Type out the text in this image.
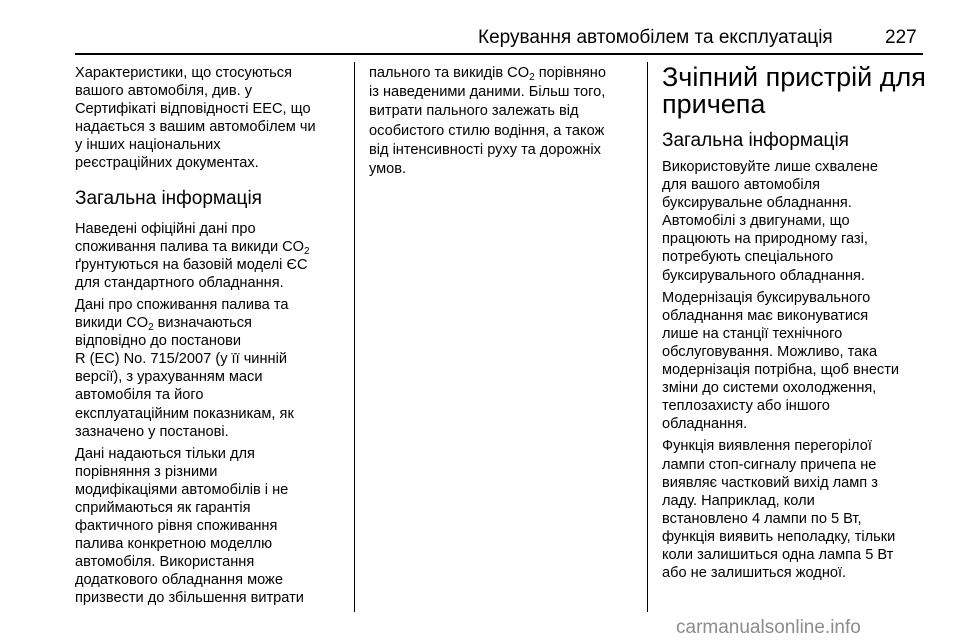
Керування автомобілем та експлуатація	227

Характеристики, що стосуються
вашого автомобіля, див. у
Сертифікаті відповідності ЕЕС, що
надається з вашим автомобілем чи
у інших національних
реєстраційних документах.

Загальна інформація

Наведені офіційні дані про
споживання палива та викиди $CO_2$
ґрунтуються на базовій моделі ЄС
для стандартного обладнання.

Дані про споживання палива та
викиди $CO_2$ визначаються
відповідно до постанови
R (EC) No. 715/2007 (у її чинній
версії), з урахуванням маси
автомобіля та його
експлуатаційним показникам, як
зазначено у постанові.

Дані надаються тільки для
порівняння з різними
модифікаціями автомобілів і не
сприймаються як гарантія
фактичного рівня споживання
палива конкретною моделлю
автомобіля. Використання
додаткового обладнання може
призвести до збільшення витрати

пального та викидів $CO_2$ порівняно
із наведеними даними. Більш того,
витрати пального залежать від
особистого стилю водіння, а також
від інтенсивності руху та дорожніх
умов.

Зчіпний пристрій для
причепа
Загальна інформація

Використовуйте лише схвалене
для вашого автомобіля
буксирувальне обладнання.
Автомобілі з двигунами, що
працюють на природному газі,
потребують спеціального
буксирувального обладнання.

Модернізація буксирувального
обладнання має виконуватися
лише на станції технічного
обслуговування. Можливо, така
модернізація потрібна, щоб внести
зміни до системи охолодження,
теплозахисту або іншого
обладнання.

Функція виявлення перегорілої
лампи стоп-сигналу причепа не
виявляє частковий вихід ламп з
ладу. Наприклад, коли
встановлено 4 лампи по 5 Вт,
функція виявить неполадку, тільки
коли залишиться одна лампа 5 Вт
або не залишиться жодної.

carmanualsonline.info
